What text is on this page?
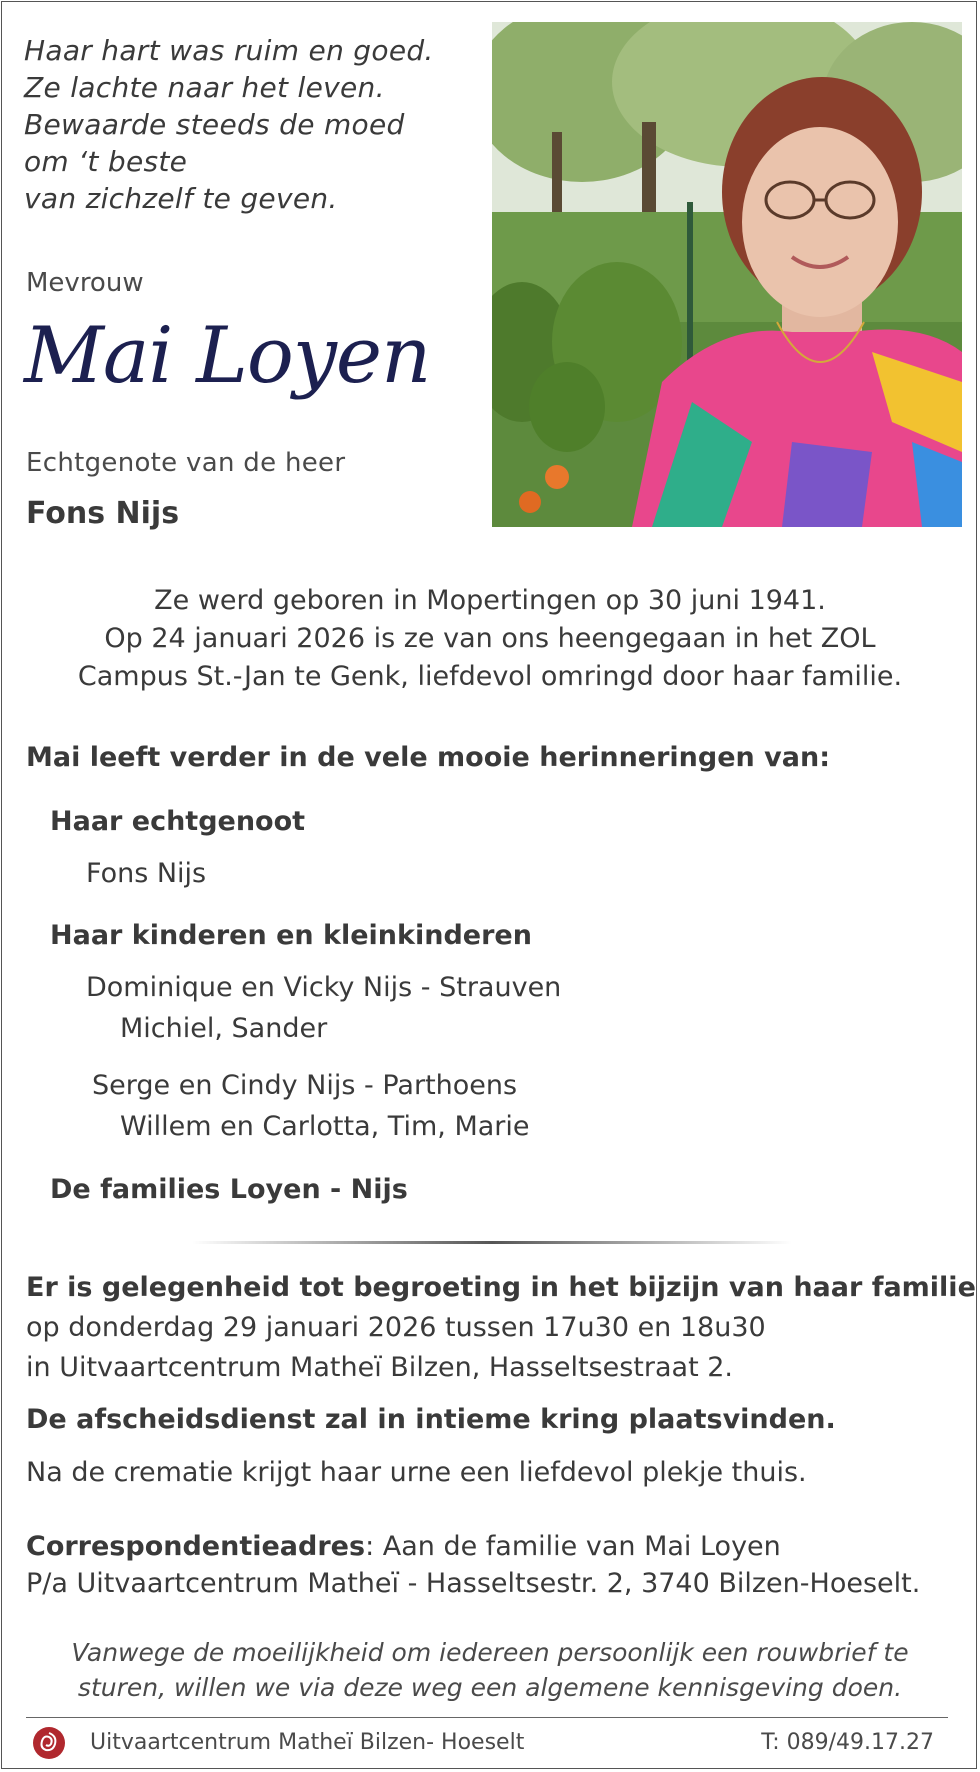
Haar hart was ruim en goed.
Ze lachte naar het leven.
Bewaarde steeds de moed
om ‘t beste
van zichzelf te geven.
Mevrouw
Mai Loyen
Echtgenote van de heer
Fons Nijs
Ze werd geboren in Mopertingen op 30 juni 1941.
Op 24 januari 2026 is ze van ons heengegaan in het ZOL
Campus St.-Jan te Genk, liefdevol omringd door haar familie.
Mai leeft verder in de vele mooie herinneringen van:
Haar echtgenoot
Fons Nijs
Haar kinderen en kleinkinderen
Dominique en Vicky Nijs - Strauven
Michiel, Sander
Serge en Cindy Nijs - Parthoens
Willem en Carlotta, Tim, Marie
De families Loyen - Nijs
Er is gelegenheid tot begroeting in het bijzijn van haar familie
op donderdag 29 januari 2026 tussen 17u30 en 18u30
in Uitvaartcentrum Matheï Bilzen, Hasseltsestraat 2.
De afscheidsdienst zal in intieme kring plaatsvinden.
Na de crematie krijgt haar urne een liefdevol plekje thuis.
Correspondentieadres: Aan de familie van Mai Loyen
P/a Uitvaartcentrum Matheï - Hasseltsestr. 2, 3740 Bilzen-Hoeselt.
Vanwege de moeilijkheid om iedereen persoonlijk een rouwbrief te
sturen, willen we via deze weg een algemene kennisgeving doen.
Uitvaartcentrum Matheï Bilzen- Hoeselt	T: 089/49.17.27
